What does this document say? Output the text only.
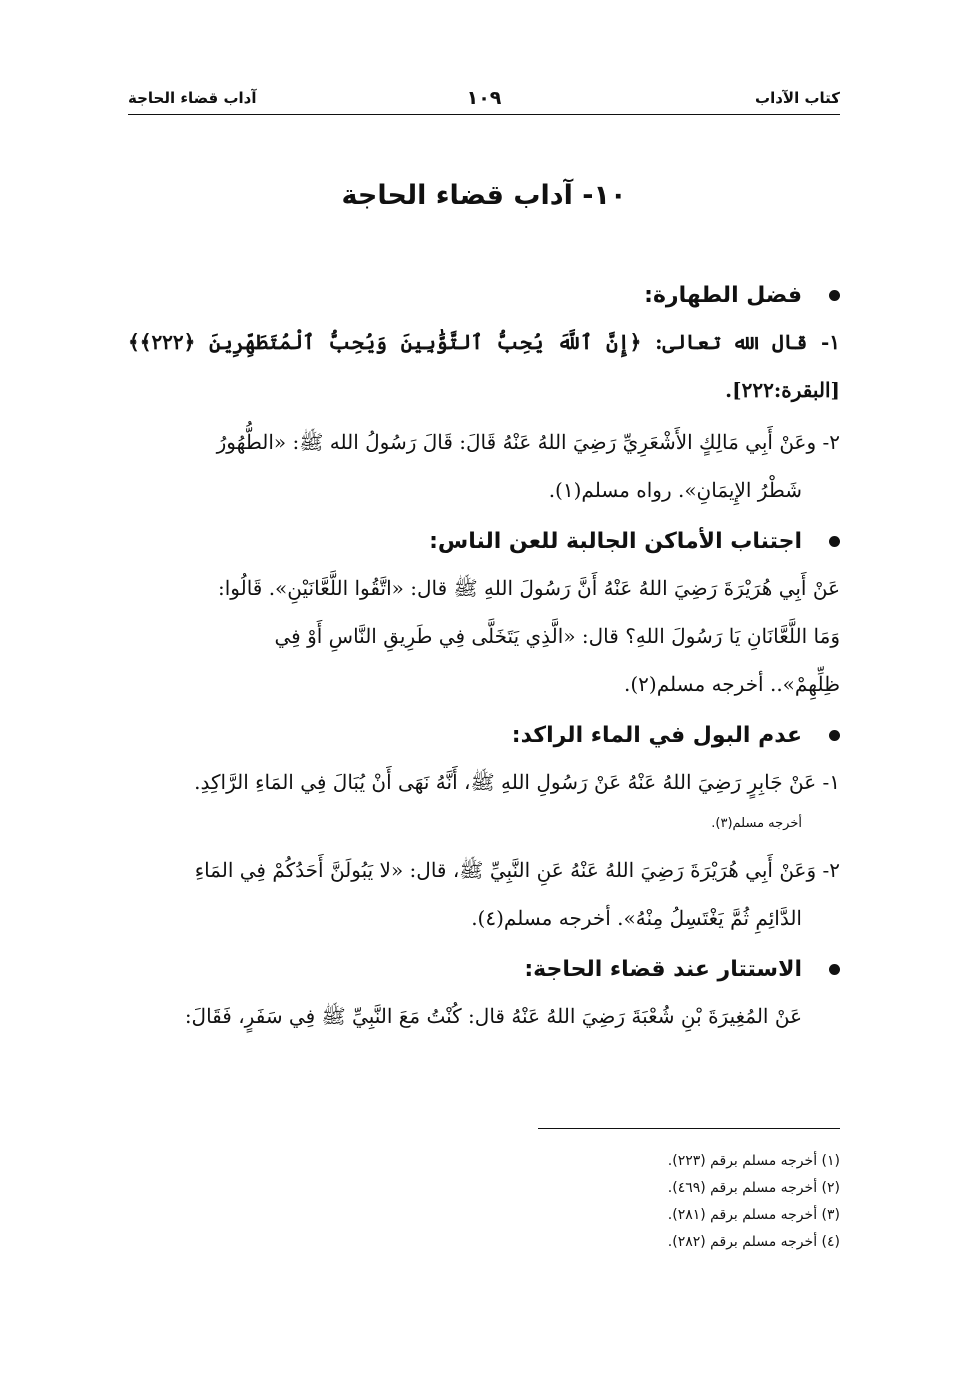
كتاب الآداب
١٠٩
آداب قضاء الحاجة
١٠- آداب قضاء الحاجة
فضل الطهارة:
١- قال الله تعالى: ﴿إِنَّ ٱللَّهَ يُحِبُّ ٱلتَّوَّٰبِينَ وَيُحِبُّ ٱلْمُتَطَهِّرِينَ ﴿٢٢٢﴾﴾ [البقرة:٢٢٢].
٢- وعَنْ أَبِي مَالِكٍ الأَشْعَرِيِّ رَضِيَ اللهُ عَنْهُ قَالَ: قَالَ رَسُولُ الله ﷺ: «الطُّهُورُ
شَطْرُ الإِيمَانِ». رواه مسلم(١).
اجتناب الأماكن الجالبة للعن الناس:
عَنْ أَبِي هُرَيْرَةَ رَضِيَ اللهُ عَنْهُ أَنَّ رَسُولَ اللهِ ﷺ قال: «اتَّقُوا اللَّعَّانَيْنِ». قَالُوا:
وَمَا اللَّعَّانَانِ يَا رَسُولَ اللهِ؟ قال: «الَّذِي يَتَخَلَّى فِي طَرِيقِ النَّاسِ أَوْ فِي
ظِلِّهِمْ».. أخرجه مسلم(٢).
عدم البول في الماء الراكد:
١- عَنْ جَابِرٍ رَضِيَ اللهُ عَنْهُ عَنْ رَسُولِ اللهِ ﷺ، أَنَّهُ نَهَى أَنْ يُبَالَ فِي المَاءِ الرَّاكِدِ.
أخرجه مسلم(٣).
٢- وَعَنْ أَبِي هُرَيْرَةَ رَضِيَ اللهُ عَنْهُ عَنِ النَّبِيِّ ﷺ، قال: «لا يَبُولَنَّ أَحَدُكُمْ فِي المَاءِ
الدَّائِمِ ثُمَّ يَغْتَسِلُ مِنْهُ». أخرجه مسلم(٤).
الاستتار عند قضاء الحاجة:
عَنْ المُغِيرَةَ بْنِ شُعْبَةَ رَضِيَ اللهُ عَنْهُ قال: كُنْتُ مَعَ النَّبِيِّ ﷺ فِي سَفَرٍ، فَقَالَ:
(١) أخرجه مسلم برقم (٢٢٣).
(٢) أخرجه مسلم برقم (٤٦٩).
(٣) أخرجه مسلم برقم (٢٨١).
(٤) أخرجه مسلم برقم (٢٨٢).
